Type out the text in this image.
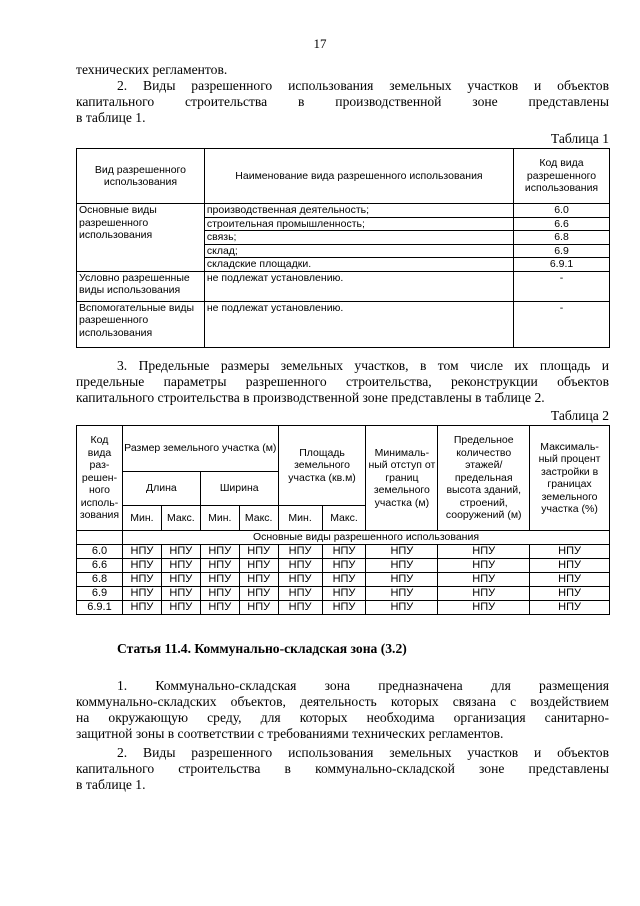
17

технических регламентов.

2. Виды разрешенного использования земельных участков и объектов
капитального строительства в производственной зоне представлены
в таблице 1.
Таблица 1
Вид разрешенного использования	Наименование вида разрешенного использования	Код вида разрешенного использования
Основные виды разрешенного использования	производственная деятельность;	6.0
	строительная промышленность;	6.6
	связь;	6.8
	склад;	6.9
	складские площадки.	6.9.1
Условно разрешенные виды использования	не подлежат установлению.	-
Вспомогательные виды разрешенного использования	не подлежат установлению.	-
3. Предельные размеры земельных участков, в том числе их площадь и
предельные параметры разрешенного строительства, реконструкции объектов
капитального строительства в производственной зоне представлены в таблице 2.
Таблица 2
Код вида раз-решен-ного исполь-зования	Размер земельного участка (м)				Площадь земельного участка (кв.м)		Минималь-ный отступ от границ земельного участка (м)	Предельное количество этажей/ предельная высота зданий, строений, сооружений (м)	Максималь-ный процент застройки в границах земельного участка (%)
	Длина		Ширина						
	Мин.	Макс.	Мин.	Макс.	Мин.	Макс.			
	Основные виды разрешенного использования								
6.0	НПУ	НПУ	НПУ	НПУ	НПУ	НПУ	НПУ	НПУ	НПУ
6.6	НПУ	НПУ	НПУ	НПУ	НПУ	НПУ	НПУ	НПУ	НПУ
6.8	НПУ	НПУ	НПУ	НПУ	НПУ	НПУ	НПУ	НПУ	НПУ
6.9	НПУ	НПУ	НПУ	НПУ	НПУ	НПУ	НПУ	НПУ	НПУ
6.9.1	НПУ	НПУ	НПУ	НПУ	НПУ	НПУ	НПУ	НПУ	НПУ
Статья 11.4. Коммунально-складская зона (3.2)
1. Коммунально-складская зона предназначена для размещения
коммунально-складских объектов, деятельность которых связана с воздействием
на окружающую среду, для которых необходима организация санитарно-
защитной зоны в соответствии с требованиями технических регламентов.
2. Виды разрешенного использования земельных участков и объектов
капитального строительства в коммунально-складской зоне представлены
в таблице 1.
